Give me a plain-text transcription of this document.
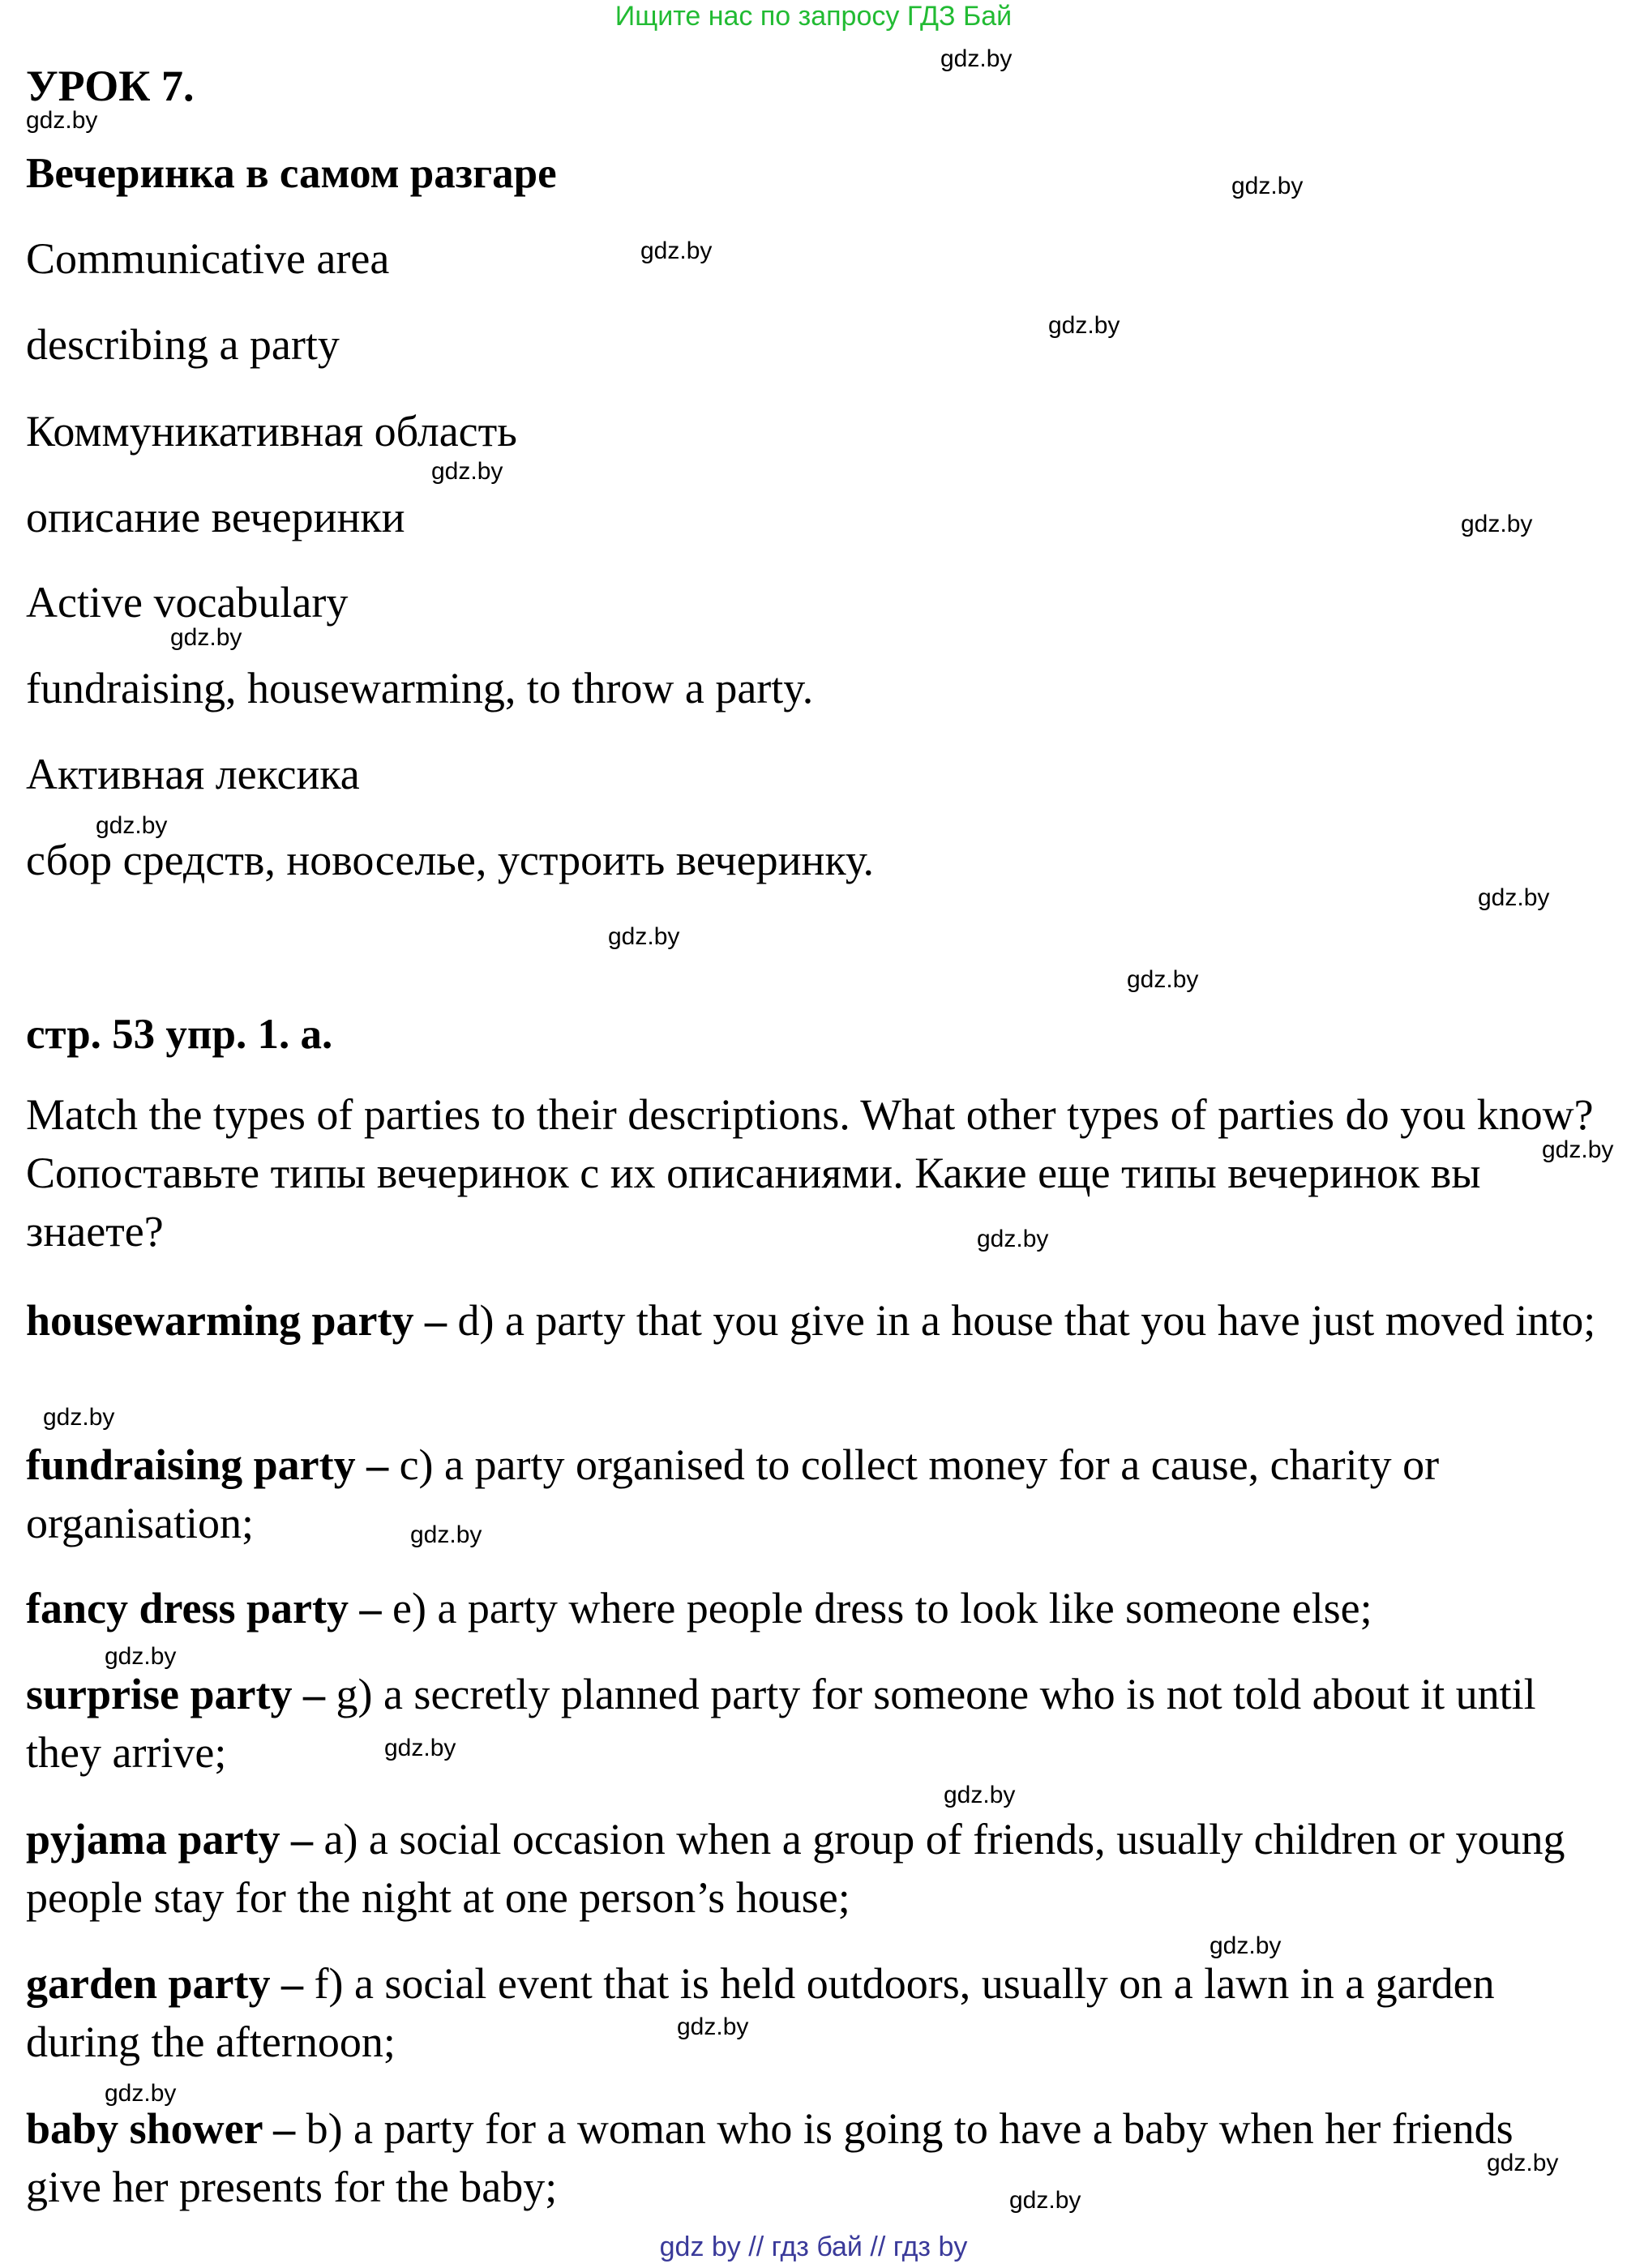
Ищите нас по запросу ГДЗ Бай
УРОК 7.
Вечеринка в самом разгаре
Communicative area
describing a party
Коммуникативная область
описание вечеринки
Active vocabulary
fundraising, housewarming, to throw a party.
Активная лексика
сбор средств, новоселье, устроить вечеринку.
стр. 53 упр. 1. а.
Match the types of parties to their descriptions. What other types of parties do you know? Сопоставьте типы вечеринок с их описаниями. Какие еще типы вечеринок вы знаете?
housewarming party – d) a party that you give in a house that you have just moved into;
fundraising party – c) a party organised to collect money for a cause, charity or organisation;
fancy dress party – e) a party where people dress to look like someone else;
surprise party – g) a secretly planned party for someone who is not told about it until they arrive;
pyjama party – a) a social occasion when a group of friends, usually children or young people stay for the night at one person’s house;
garden party – f) a social event that is held outdoors, usually on a lawn in a garden during the afternoon;
baby shower – b) a party for a woman who is going to have a baby when her friends give her presents for the baby;
gdz.by
gdz.by
gdz.by
gdz.by
gdz.by
gdz.by
gdz.by
gdz.by
gdz.by
gdz.by
gdz.by
gdz.by
gdz.by
gdz.by
gdz.by
gdz.by
gdz.by
gdz.by
gdz.by
gdz.by
gdz.by
gdz.by
gdz.by
gdz.by
gdz by // гдз бай // гдз by
